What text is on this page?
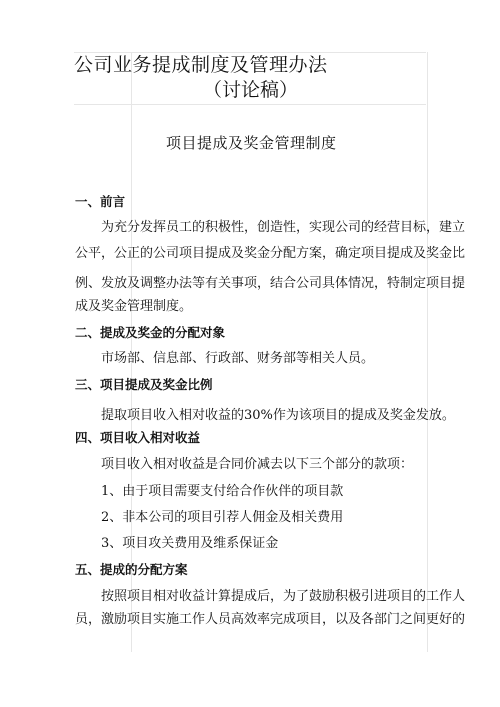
公司业务提成制度及管理办法
（讨论稿）
项目提成及奖金管理制度
一、前言
为充分发挥员工的积极性，创造性，实现公司的经营目标，建立
公平，公正的公司项目提成及奖金分配方案，确定项目提成及奖金比
例、发放及调整办法等有关事项，结合公司具体情况，特制定项目提
成及奖金管理制度。
二、提成及奖金的分配对象
市场部、信息部、行政部、财务部等相关人员。
三、项目提成及奖金比例
提取项目收入相对收益的30%作为该项目的提成及奖金发放。
四、项目收入相对收益
项目收入相对收益是合同价减去以下三个部分的款项：
1、由于项目需要支付给合作伙伴的项目款
2、非本公司的项目引荐人佣金及相关费用
3、项目攻关费用及维系保证金
五、提成的分配方案
按照项目相对收益计算提成后，为了鼓励积极引进项目的工作人
员，激励项目实施工作人员高效率完成项目，以及各部门之间更好的
